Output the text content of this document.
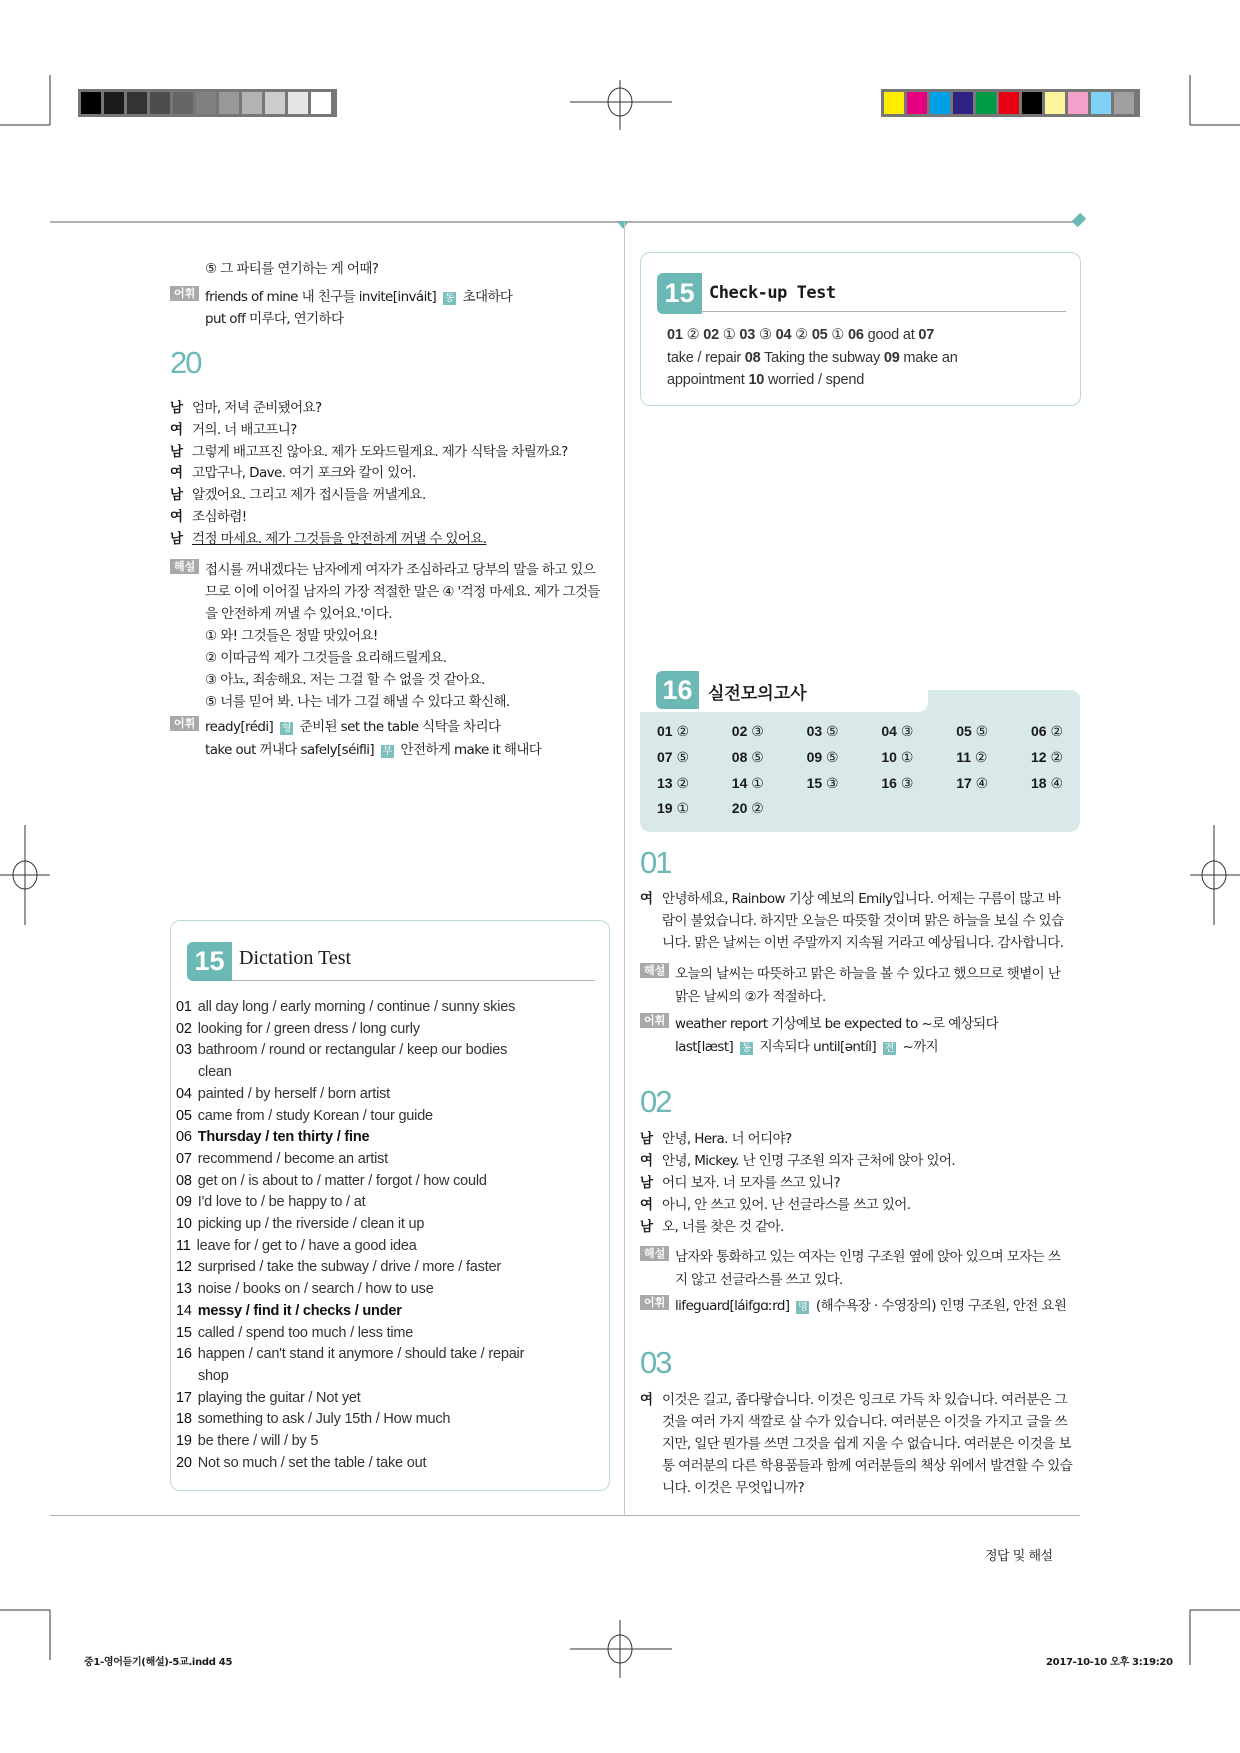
⑤ 그 파티를 연기하는 게 어때?
어휘 friends of mine 내 친구들 invite[inváit] 동 초대하다
put off 미루다, 연기하다
20
남 엄마, 저녁 준비됐어요?
여 거의. 너 배고프니?
남 그렇게 배고프진 않아요. 제가 도와드릴게요. 제가 식탁을 차릴까요?
여 고맙구나, Dave. 여기 포크와 칼이 있어.
남 알겠어요. 그리고 제가 접시들을 꺼낼게요.
여 조심하렴!
남 걱정 마세요. 제가 그것들을 안전하게 꺼낼 수 있어요.
해설 접시를 꺼내겠다는 남자에게 여자가 조심하라고 당부의 말을 하고 있으
므로 이에 이어질 남자의 가장 적절한 말은 ④ '걱정 마세요. 제가 그것들
을 안전하게 꺼낼 수 있어요.'이다.
① 와! 그것들은 정말 맛있어요!
② 이따금씩 제가 그것들을 요리해드릴게요.
③ 아뇨, 죄송해요. 저는 그걸 할 수 없을 것 같아요.
⑤ 너를 믿어 봐. 나는 네가 그걸 해낼 수 있다고 확신해.
어휘 ready[rédi] 형 준비된 set the table 식탁을 차리다
take out 꺼내다 safely[séifli] 부 안전하게 make it 해내다
15 Dictation Test
01 all day long / early morning / continue / sunny skies
02 looking for / green dress / long curly
03 bathroom / round or rectangular / keep our bodies
clean
04 painted / by herself / born artist
05 came from / study Korean / tour guide
06 Thursday / ten thirty / fine
07 recommend / become an artist
08 get on / is about to / matter / forgot / how could
09 I'd love to / be happy to / at
10 picking up / the riverside / clean it up
11 leave for / get to / have a good idea
12 surprised / take the subway / drive / more / faster
13 noise / books on / search / how to use
14 messy / find it / checks / under
15 called / spend too much / less time
16 happen / can't stand it anymore / should take / repair
shop
17 playing the guitar / Not yet
18 something to ask / July 15th / How much
19 be there / will / by 5
20 Not so much / set the table / take out
15 Check-up Test
01 ② 02 ① 03 ③ 04 ② 05 ① 06 good at 07
take / repair 08 Taking the subway 09 make an
appointment 10 worried / spend
16 실전모의고사
01 ②	02 ③	03 ⑤	04 ③	05 ⑤	06 ②
07 ⑤	08 ⑤	09 ⑤	10 ①	11 ②	12 ②
13 ②	14 ①	15 ③	16 ③	17 ④	18 ④
19 ①	20 ②
01
여 안녕하세요, Rainbow 기상 예보의 Emily입니다. 어제는 구름이 많고 바
람이 불었습니다. 하지만 오늘은 따뜻할 것이며 맑은 하늘을 보실 수 있습
니다. 맑은 날씨는 이번 주말까지 지속될 거라고 예상됩니다. 감사합니다.
해설 오늘의 날씨는 따뜻하고 맑은 하늘을 볼 수 있다고 했으므로 햇볕이 난
맑은 날씨의 ②가 적절하다.
어휘 weather report 기상예보 be expected to ~로 예상되다
last[læst] 동 지속되다 until[əntíl] 전 ~까지
02
남 안녕, Hera. 너 어디야?
여 안녕, Mickey. 난 인명 구조원 의자 근처에 앉아 있어.
남 어디 보자. 너 모자를 쓰고 있니?
여 아니, 안 쓰고 있어. 난 선글라스를 쓰고 있어.
남 오, 너를 찾은 것 같아.
해설 남자와 통화하고 있는 여자는 인명 구조원 옆에 앉아 있으며 모자는 쓰
지 않고 선글라스를 쓰고 있다.
어휘 lifeguard[láifgɑːrd] 명 (해수욕장 · 수영장의) 인명 구조원, 안전 요원
03
여 이것은 길고, 좁다랗습니다. 이것은 잉크로 가득 차 있습니다. 여러분은 그
것을 여러 가지 색깔로 살 수가 있습니다. 여러분은 이것을 가지고 글을 쓰
지만, 일단 뭔가를 쓰면 그것을 쉽게 지울 수 없습니다. 여러분은 이것을 보
통 여러분의 다른 학용품들과 함께 여러분들의 책상 위에서 발견할 수 있습
니다. 이것은 무엇입니까?
정답 및 해설
중1-영어듣기(해설)-5교.indd 45	2017-10-10 오후 3:19:20
